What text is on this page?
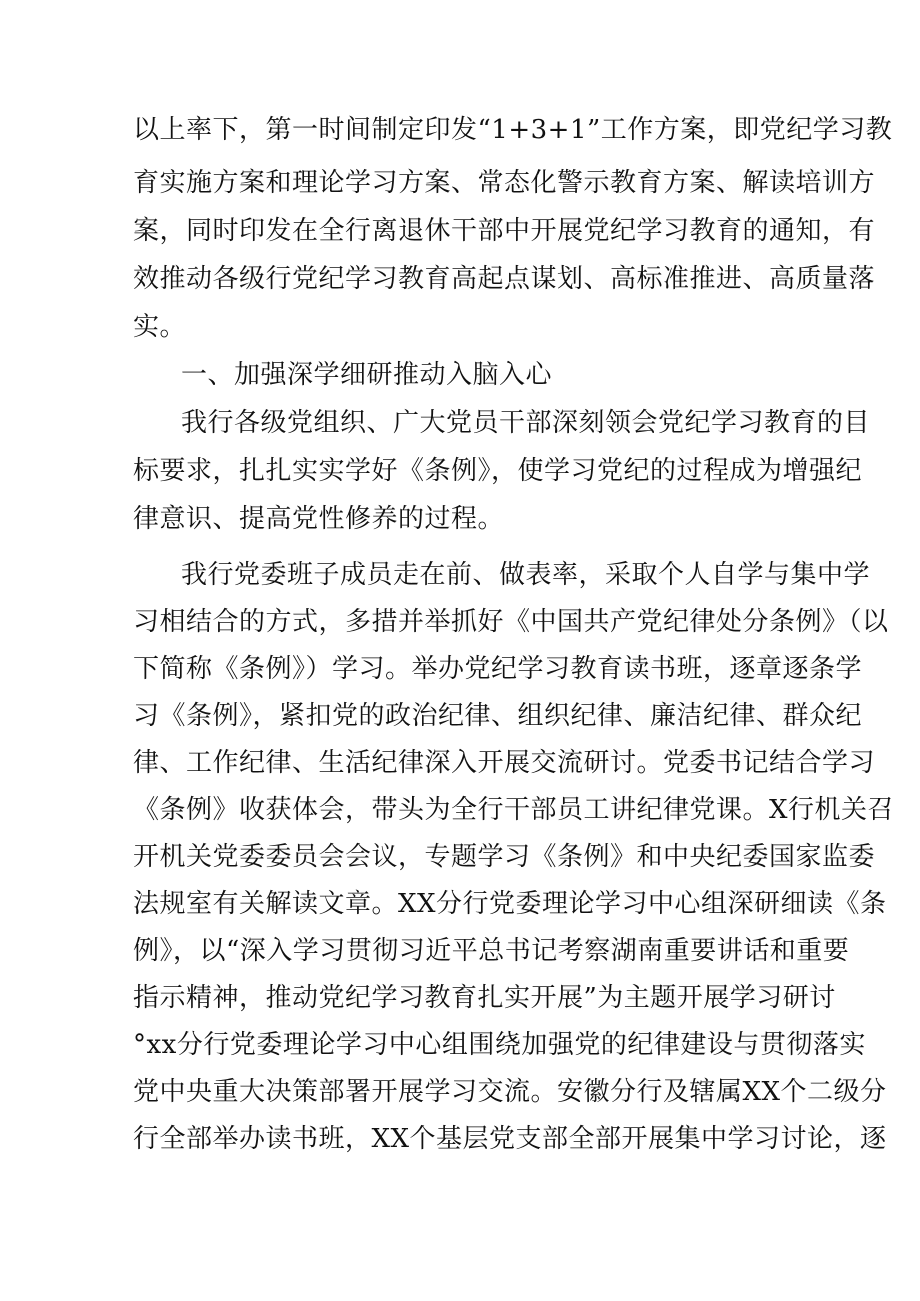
以上率下，第一时间制定印发“1+3+1”工作方案，即党纪学习教
育实施方案和理论学习方案、常态化警示教育方案、解读培训方
案，同时印发在全行离退休干部中开展党纪学习教育的通知，有
效推动各级行党纪学习教育高起点谋划、高标准推进、高质量落
实。
一、加强深学细研推动入脑入心
我行各级党组织、广大党员干部深刻领会党纪学习教育的目
标要求，扎扎实实学好《条例》，使学习党纪的过程成为增强纪
律意识、提高党性修养的过程。
我行党委班子成员走在前、做表率，采取个人自学与集中学
习相结合的方式，多措并举抓好《中国共产党纪律处分条例》（以
下简称《条例》）学习。举办党纪学习教育读书班，逐章逐条学
习《条例》，紧扣党的政治纪律、组织纪律、廉洁纪律、群众纪
律、工作纪律、生活纪律深入开展交流研讨。党委书记结合学习
《条例》收获体会，带头为全行干部员工讲纪律党课。X行机关召
开机关党委委员会会议，专题学习《条例》和中央纪委国家监委
法规室有关解读文章。XX分行党委理论学习中心组深研细读《条
例》，以“深入学习贯彻习近平总书记考察湖南重要讲话和重要
指示精神，推动党纪学习教育扎实开展”为主题开展学习研讨
°xx分行党委理论学习中心组围绕加强党的纪律建设与贯彻落实
党中央重大决策部署开展学习交流。安徽分行及辖属XX个二级分
行全部举办读书班，XX个基层党支部全部开展集中学习讨论，逐
